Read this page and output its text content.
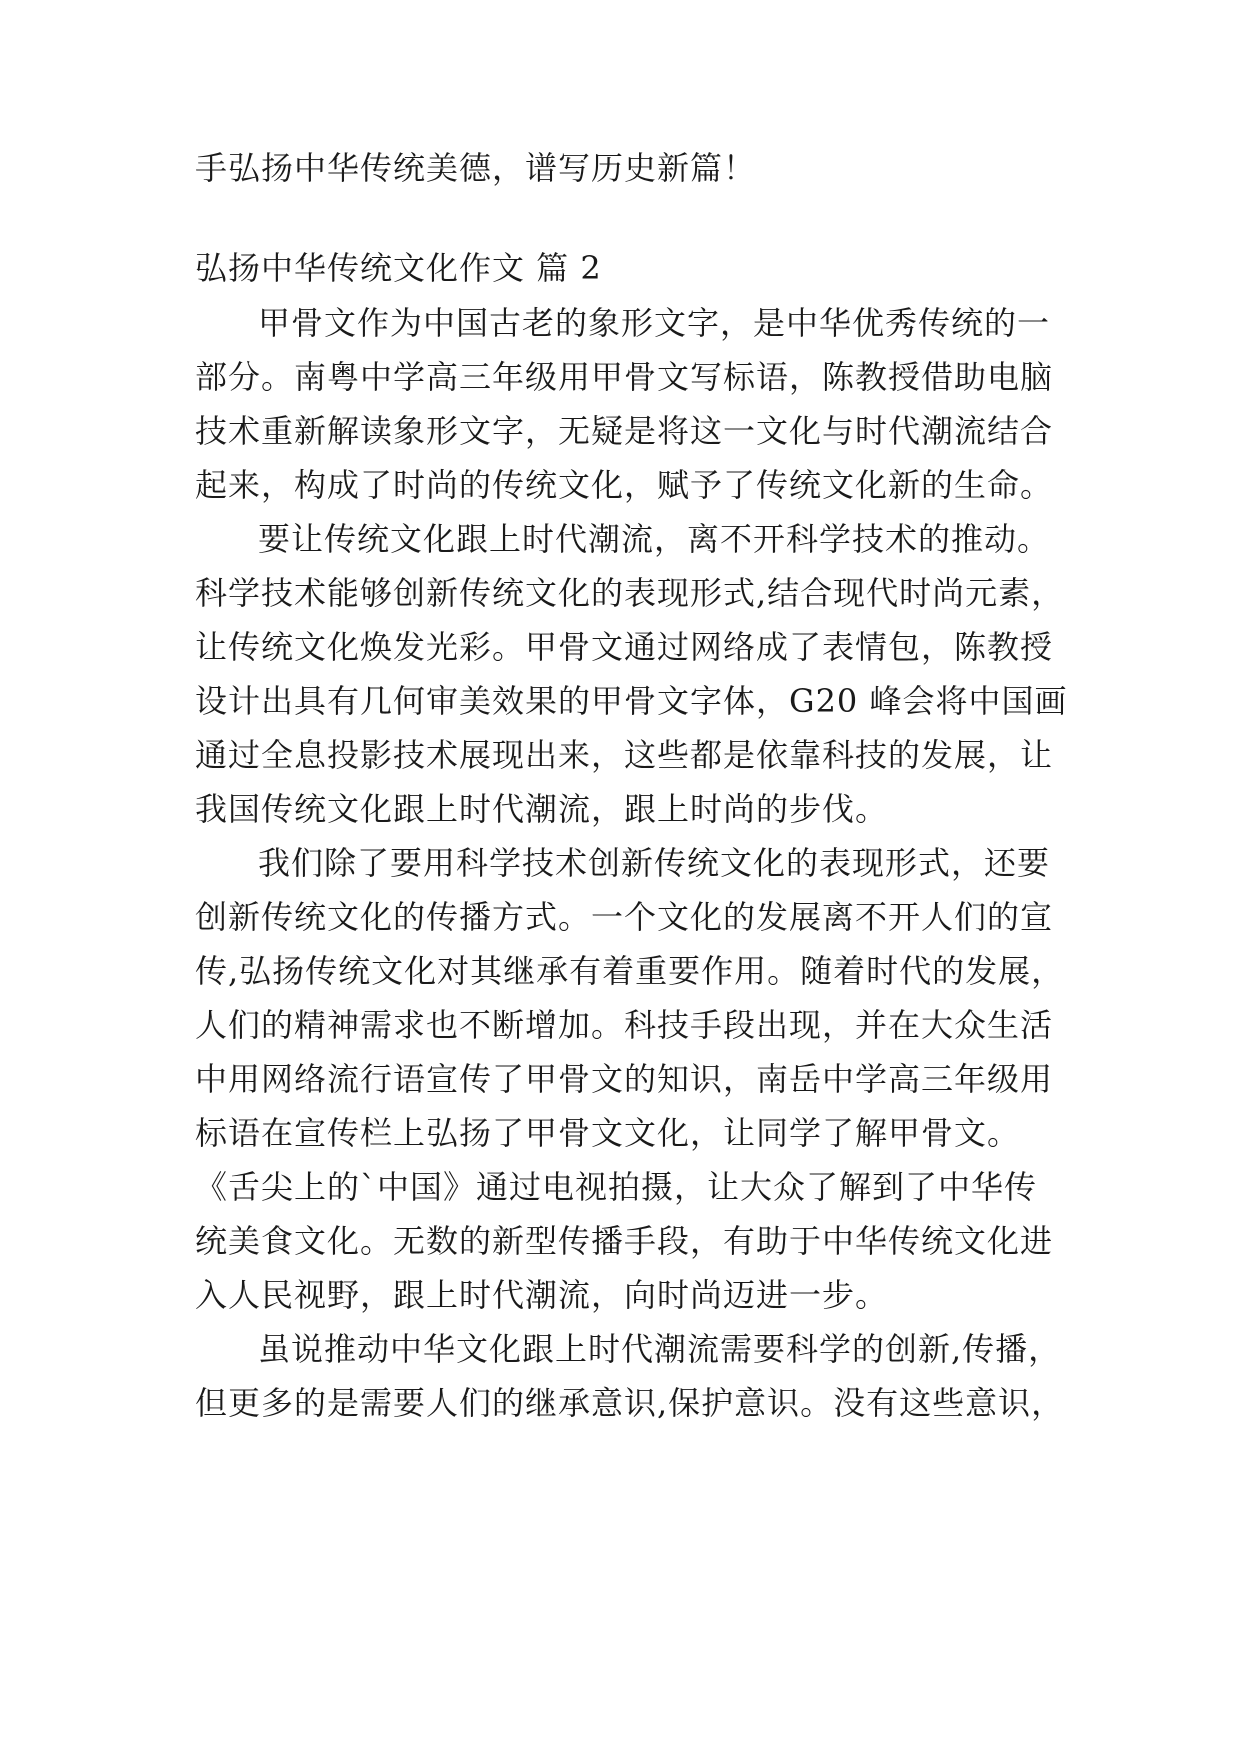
手弘扬中华传统美德，谱写历史新篇！
弘扬中华传统文化作文 篇 2
甲骨文作为中国古老的象形文字，是中华优秀传统的一
部分。南粤中学高三年级用甲骨文写标语，陈教授借助电脑
技术重新解读象形文字，无疑是将这一文化与时代潮流结合
起来，构成了时尚的传统文化，赋予了传统文化新的生命。
要让传统文化跟上时代潮流，离不开科学技术的推动。
科学技术能够创新传统文化的表现形式,结合现代时尚元素，
让传统文化焕发光彩。甲骨文通过网络成了表情包，陈教授
设计出具有几何审美效果的甲骨文字体，G20 峰会将中国画
通过全息投影技术展现出来，这些都是依靠科技的发展，让
我国传统文化跟上时代潮流，跟上时尚的步伐。
我们除了要用科学技术创新传统文化的表现形式，还要
创新传统文化的传播方式。一个文化的发展离不开人们的宣
传,弘扬传统文化对其继承有着重要作用。随着时代的发展，
人们的精神需求也不断增加。科技手段出现，并在大众生活
中用网络流行语宣传了甲骨文的知识，南岳中学高三年级用
标语在宣传栏上弘扬了甲骨文文化，让同学了解甲骨文。
《舌尖上的`中国》通过电视拍摄，让大众了解到了中华传
统美食文化。无数的新型传播手段，有助于中华传统文化进
入人民视野，跟上时代潮流，向时尚迈进一步。
虽说推动中华文化跟上时代潮流需要科学的创新,传播，
但更多的是需要人们的继承意识,保护意识。没有这些意识，
